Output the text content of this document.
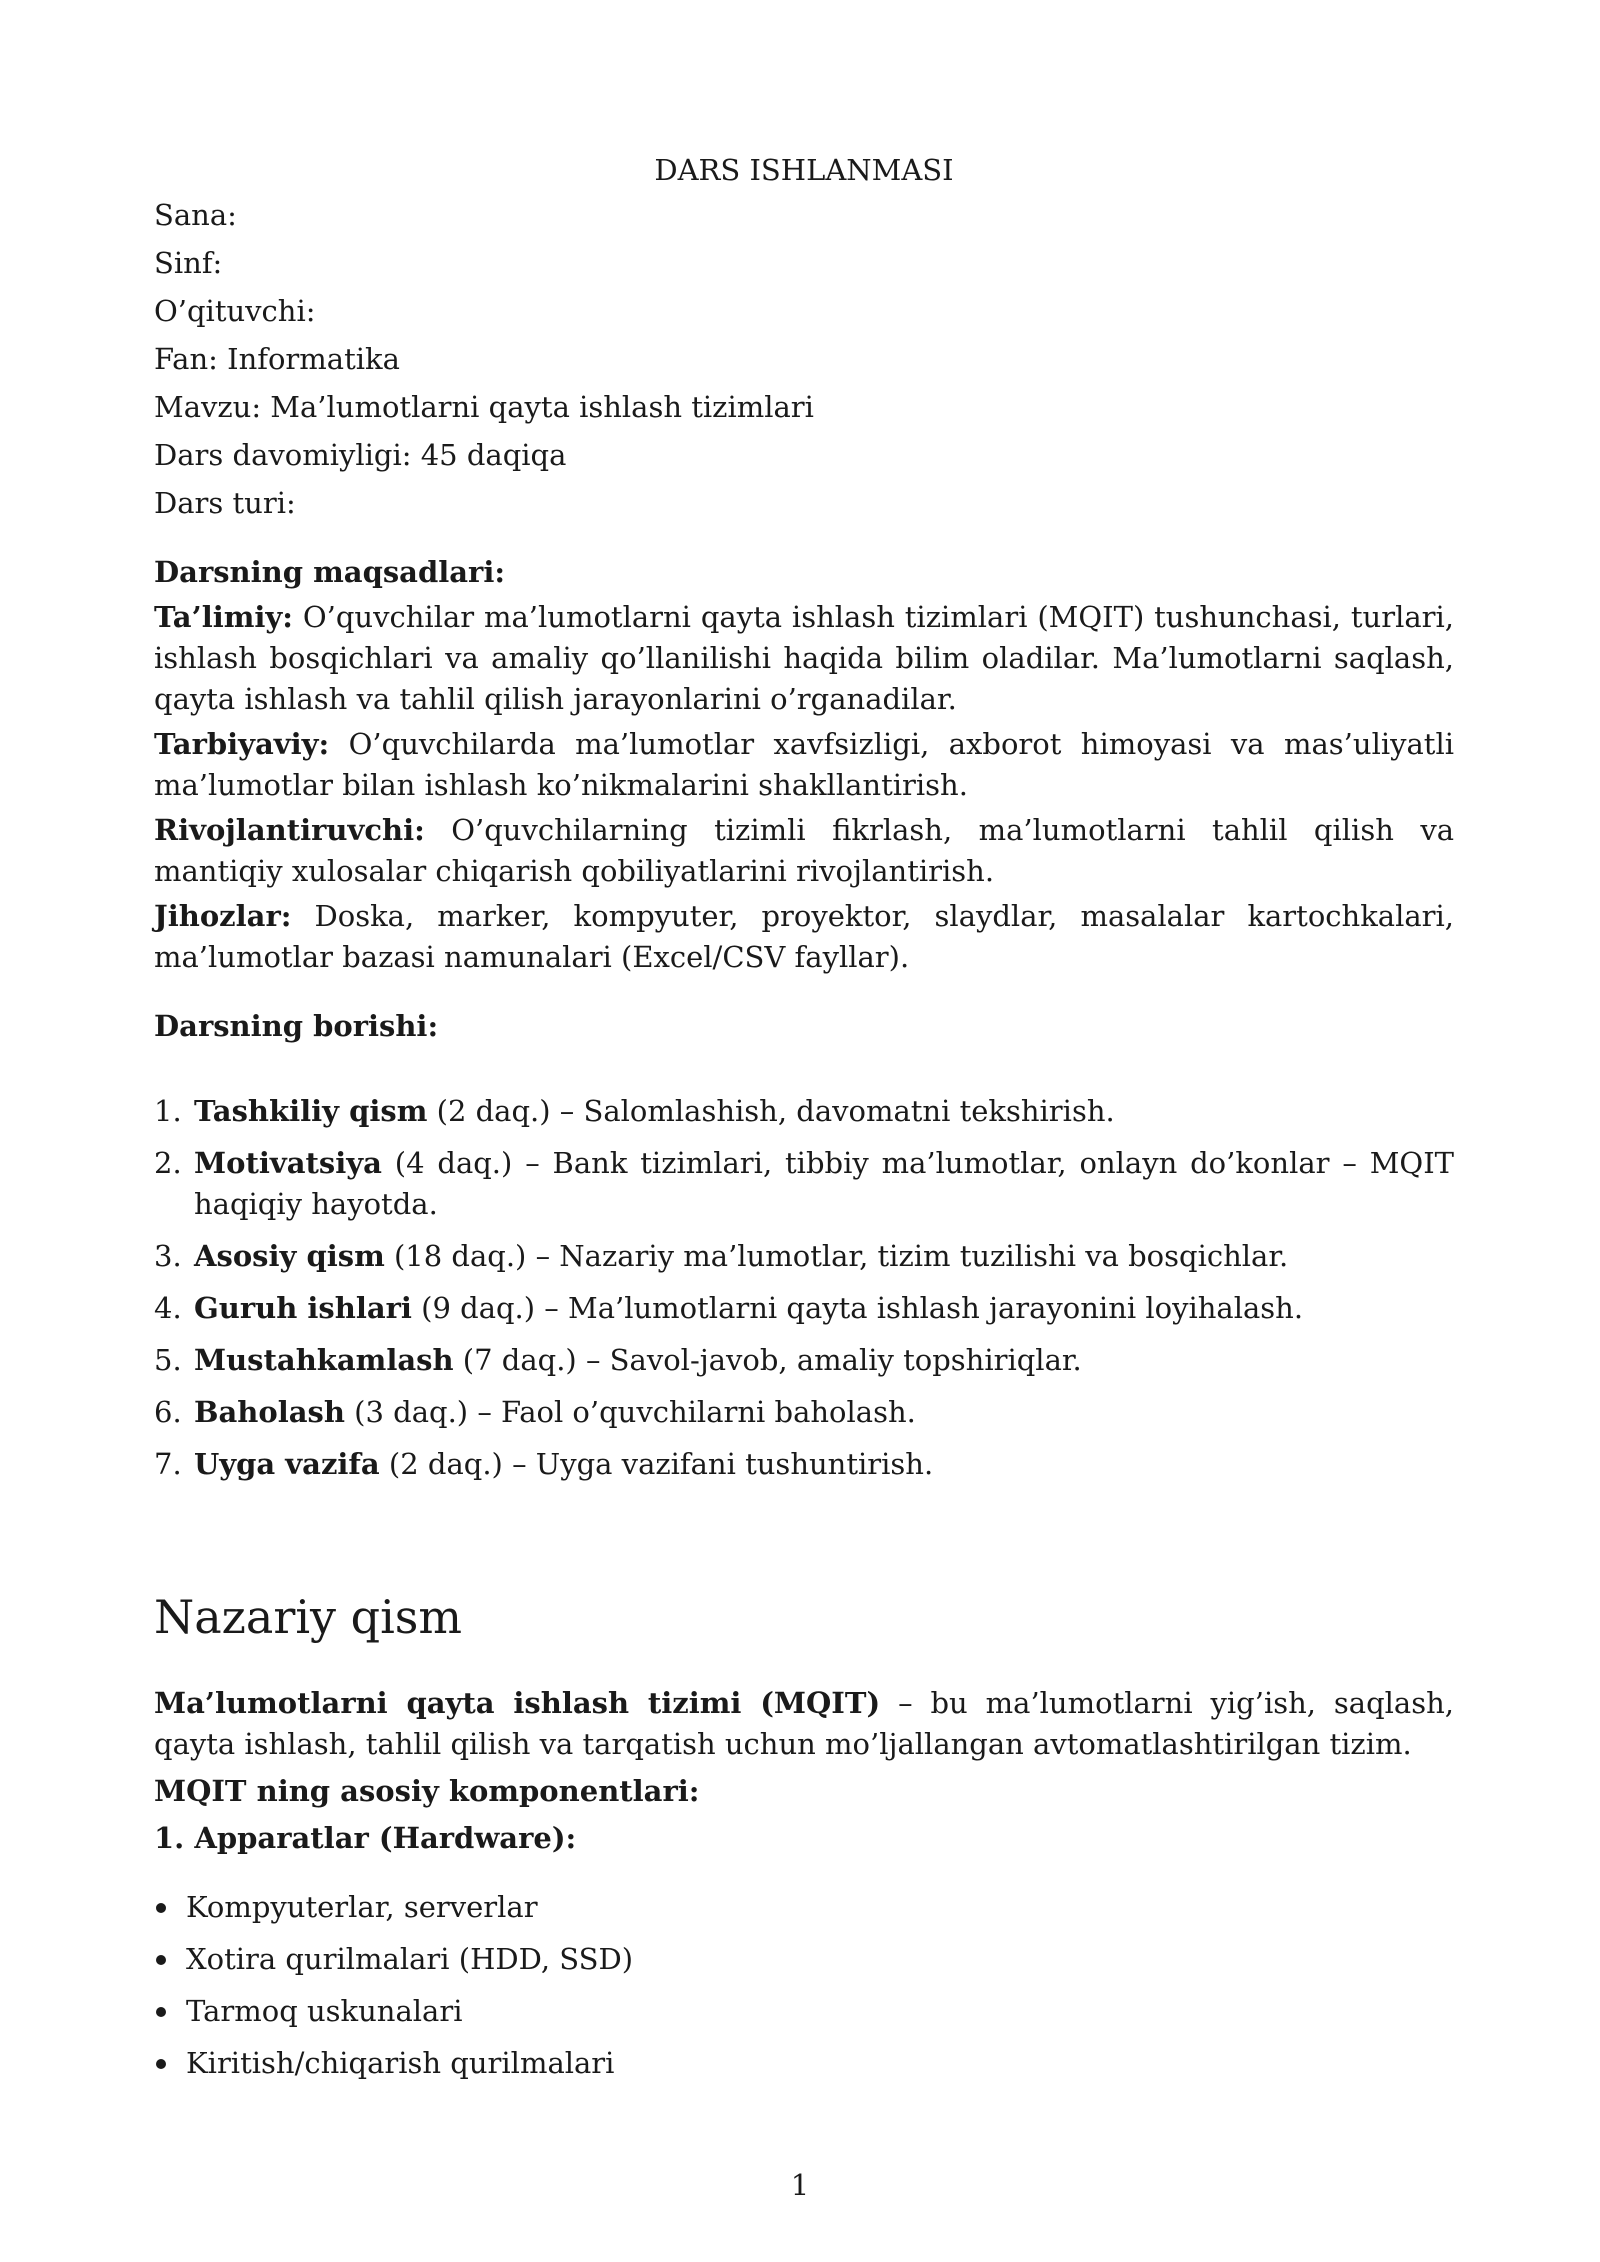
DARS ISHLANMASI
Sana:
Sinf:
O’qituvchi:
Fan: Informatika
Mavzu: Ma’lumotlarni qayta ishlash tizimlari
Dars davomiyligi: 45 daqiqa
Dars turi:
Darsning maqsadlari:
Ta’limiy: O’quvchilar ma’lumotlarni qayta ishlash tizimlari (MQIT) tushunchasi, turlari, ishlash bosqichlari va amaliy qo’llanilishi haqida bilim oladilar. Ma’lumotlarni saqlash, qayta ishlash va tahlil qilish jarayonlarini o’rganadilar.
Tarbiyaviy: O’quvchilarda ma’lumotlar xavfsizligi, axborot himoyasi va mas’uliyatli ma’lumotlar bilan ishlash ko’nikmalarini shakllantirish.
Rivojlantiruvchi: O’quvchilarning tizimli fikrlash, ma’lumotlarni tahlil qilish va mantiqiy xulosalar chiqarish qobiliyatlarini rivojlantirish.
Jihozlar: Doska, marker, kompyuter, proyektor, slaydlar, masalalar kartochkalari, ma’lumotlar bazasi namunalari (Excel/CSV fayllar).
Darsning borishi:
1. Tashkiliy qism (2 daq.) – Salomlashish, davomatni tekshirish.
2. Motivatsiya (4 daq.) – Bank tizimlari, tibbiy ma’lumotlar, onlayn do’konlar – MQIT haqiqiy hayotda.
3. Asosiy qism (18 daq.) – Nazariy ma’lumotlar, tizim tuzilishi va bosqichlar.
4. Guruh ishlari (9 daq.) – Ma’lumotlarni qayta ishlash jarayonini loyihalash.
5. Mustahkamlash (7 daq.) – Savol-javob, amaliy topshiriqlar.
6. Baholash (3 daq.) – Faol o’quvchilarni baholash.
7. Uyga vazifa (2 daq.) – Uyga vazifani tushuntirish.
Nazariy qism
Ma’lumotlarni qayta ishlash tizimi (MQIT) – bu ma’lumotlarni yig’ish, saqlash, qayta ishlash, tahlil qilish va tarqatish uchun mo’ljallangan avtomatlashtirilgan tizim.
MQIT ning asosiy komponentlari:
1. Apparatlar (Hardware):
Kompyuterlar, serverlar
Xotira qurilmalari (HDD, SSD)
Tarmoq uskunalari
Kiritish/chiqarish qurilmalari
1
